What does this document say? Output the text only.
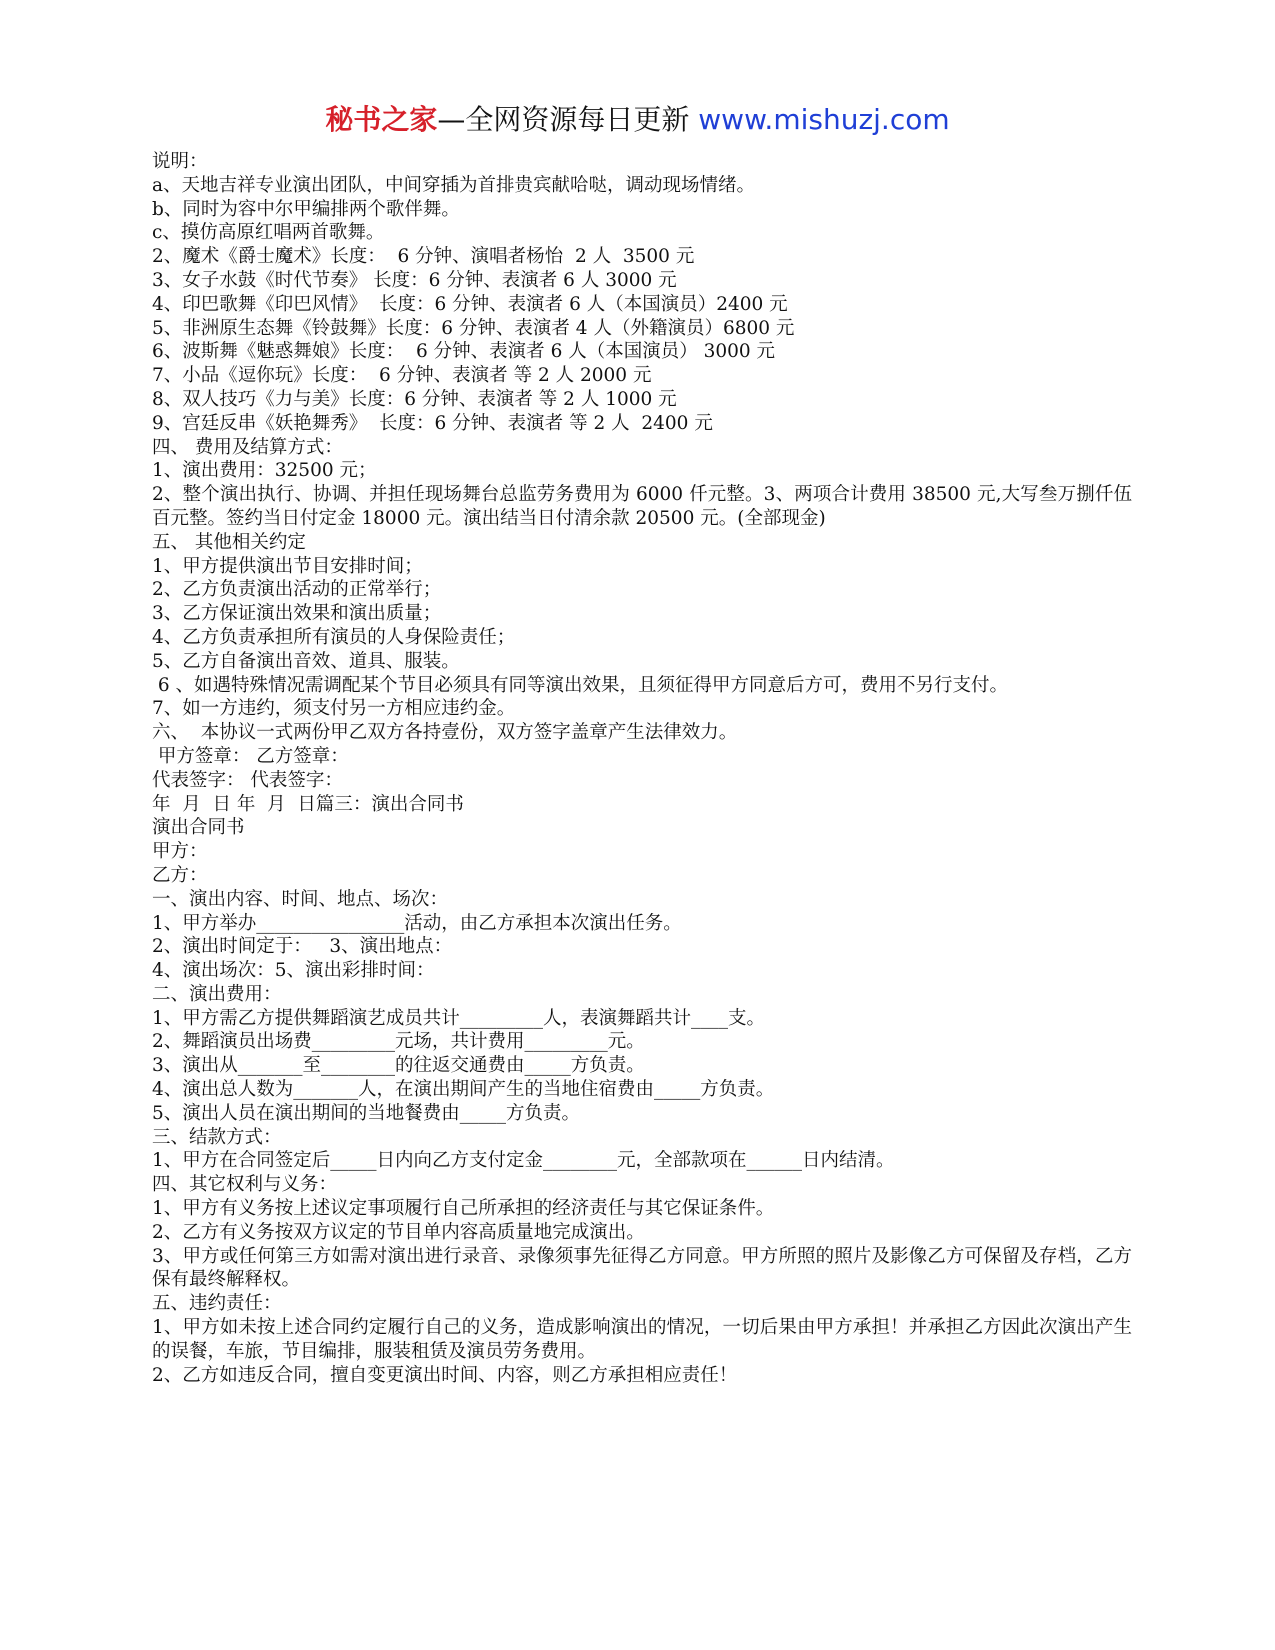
秘书之家—全网资源每日更新 www.mishuzj.com

说明：

a、天地吉祥专业演出团队，中间穿插为首排贵宾献哈哒，调动现场情绪。

b、同时为容中尔甲编排两个歌伴舞。

c、摸仿高原红唱两首歌舞。

2、魔术《爵士魔术》长度：  6 分钟、演唱者杨怡  2 人  3500 元

3、女子水鼓《时代节奏》 长度：6 分钟、表演者 6 人 3000 元

4、印巴歌舞《印巴风情》  长度：6 分钟、表演者 6 人（本国演员）2400 元

5、非洲原生态舞《铃鼓舞》长度：6 分钟、表演者 4 人（外籍演员）6800 元

6、波斯舞《魅惑舞娘》长度：  6 分钟、表演者 6 人（本国演员） 3000 元

7、小品《逗你玩》长度：  6 分钟、表演者 等 2 人 2000 元

8、双人技巧《力与美》长度：6 分钟、表演者 等 2 人 1000 元

9、宫廷反串《妖艳舞秀》  长度：6 分钟、表演者 等 2 人  2400 元

四、 费用及结算方式：

1、演出费用：32500 元；

2、整个演出执行、协调、并担任现场舞台总监劳务费用为 6000 仟元整。3、两项合计费用 38500 元,大写叁万捌仟伍百元整。签约当日付定金 18000 元。演出结当日付清余款 20500 元。(全部现金)

五、 其他相关约定

1、甲方提供演出节目安排时间；

2、乙方负责演出活动的正常举行；

3、乙方保证演出效果和演出质量；

4、乙方负责承担所有演员的人身保险责任；

5、乙方自备演出音效、道具、服装。

6 、如遇特殊情况需调配某个节目必须具有同等演出效果，且须征得甲方同意后方可，费用不另行支付。

7、如一方违约，须支付另一方相应违约金。

六、  本协议一式两份甲乙双方各持壹份，双方签字盖章产生法律效力。

甲方签章： 乙方签章：

代表签字： 代表签字：

年  月  日 年  月  日篇三：演出合同书

演出合同书

甲方：

乙方：

一、演出内容、时间、地点、场次：

1、甲方举办________________活动，由乙方承担本次演出任务。

2、演出时间定于：   3、演出地点：

4、演出场次：5、演出彩排时间：

二、演出费用：

1、甲方需乙方提供舞蹈演艺成员共计_________人，表演舞蹈共计____支。

2、舞蹈演员出场费_________元场，共计费用_________元。

3、演出从_______至________的往返交通费由_____方负责。

4、演出总人数为_______人，在演出期间产生的当地住宿费由_____方负责。

5、演出人员在演出期间的当地餐费由_____方负责。

三、结款方式：

1、甲方在合同签定后_____日内向乙方支付定金________元，全部款项在______日内结清。

四、其它权利与义务：

1、甲方有义务按上述议定事项履行自己所承担的经济责任与其它保证条件。

2、乙方有义务按双方议定的节目单内容高质量地完成演出。

3、甲方或任何第三方如需对演出进行录音、录像须事先征得乙方同意。甲方所照的照片及影像乙方可保留及存档，乙方保有最终解释权。

五、违约责任：

1、甲方如未按上述合同约定履行自己的义务，造成影响演出的情况，一切后果由甲方承担！并承担乙方因此次演出产生的误餐，车旅，节目编排，服装租赁及演员劳务费用。

2、乙方如违反合同，擅自变更演出时间、内容，则乙方承担相应责任！
